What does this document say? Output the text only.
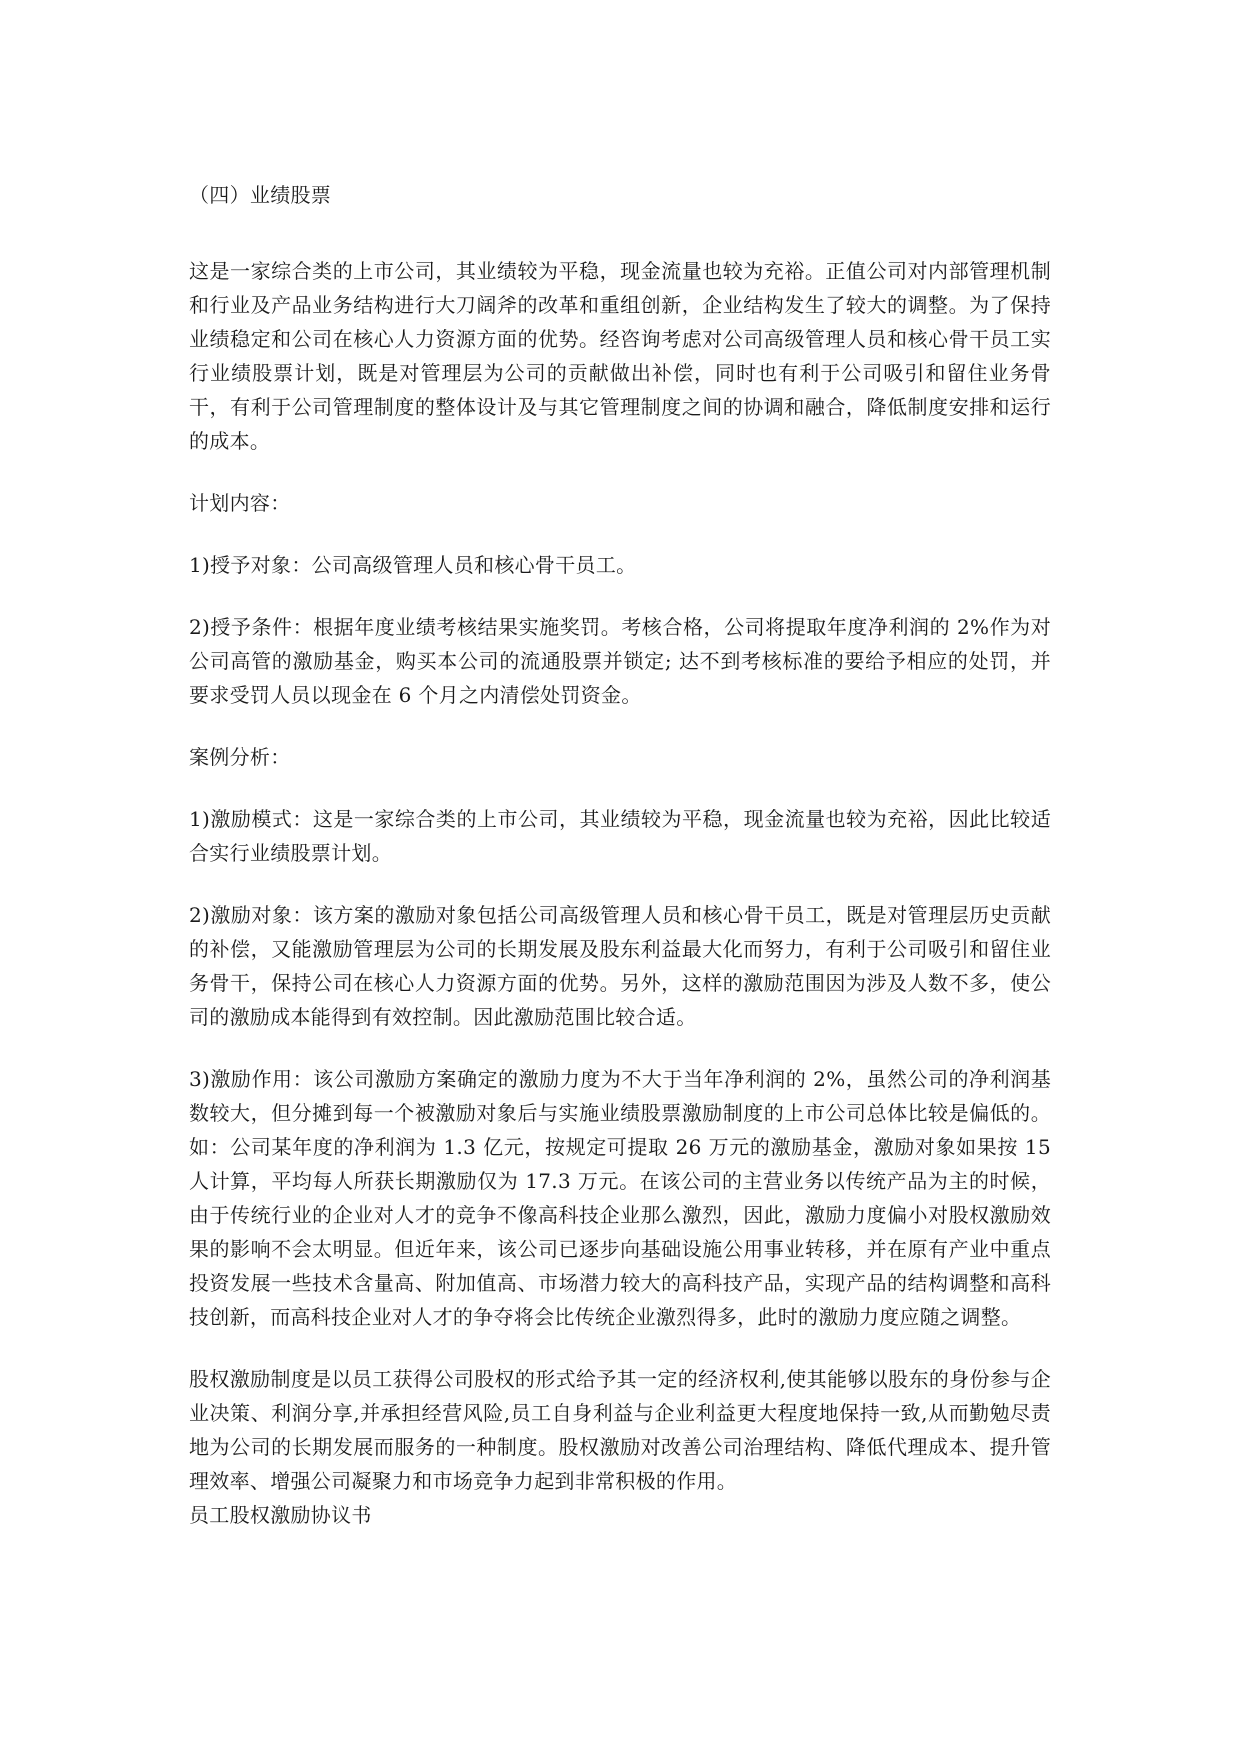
（四）业绩股票

这是一家综合类的上市公司，其业绩较为平稳，现金流量也较为充裕。正值公司对内部管理机制和行业及产品业务结构进行大刀阔斧的改革和重组创新，企业结构发生了较大的调整。为了保持业绩稳定和公司在核心人力资源方面的优势。经咨询考虑对公司高级管理人员和核心骨干员工实行业绩股票计划，既是对管理层为公司的贡献做出补偿，同时也有利于公司吸引和留住业务骨干，有利于公司管理制度的整体设计及与其它管理制度之间的协调和融合，降低制度安排和运行的成本。

计划内容：

1)授予对象：公司高级管理人员和核心骨干员工。

2)授予条件：根据年度业绩考核结果实施奖罚。考核合格，公司将提取年度净利润的 2%作为对公司高管的激励基金，购买本公司的流通股票并锁定; 达不到考核标准的要给予相应的处罚，并要求受罚人员以现金在 6 个月之内清偿处罚资金。

案例分析：

1)激励模式：这是一家综合类的上市公司，其业绩较为平稳，现金流量也较为充裕，因此比较适合实行业绩股票计划。

2)激励对象：该方案的激励对象包括公司高级管理人员和核心骨干员工，既是对管理层历史贡献的补偿，又能激励管理层为公司的长期发展及股东利益最大化而努力，有利于公司吸引和留住业务骨干，保持公司在核心人力资源方面的优势。另外，这样的激励范围因为涉及人数不多，使公司的激励成本能得到有效控制。因此激励范围比较合适。

3)激励作用：该公司激励方案确定的激励力度为不大于当年净利润的 2%，虽然公司的净利润基数较大，但分摊到每一个被激励对象后与实施业绩股票激励制度的上市公司总体比较是偏低的。如：公司某年度的净利润为 1.3 亿元，按规定可提取 26 万元的激励基金，激励对象如果按 15 人计算，平均每人所获长期激励仅为 17.3 万元。在该公司的主营业务以传统产品为主的时候，由于传统行业的企业对人才的竞争不像高科技企业那么激烈，因此，激励力度偏小对股权激励效果的影响不会太明显。但近年来，该公司已逐步向基础设施公用事业转移，并在原有产业中重点投资发展一些技术含量高、附加值高、市场潜力较大的高科技产品，实现产品的结构调整和高科技创新，而高科技企业对人才的争夺将会比传统企业激烈得多，此时的激励力度应随之调整。

股权激励制度是以员工获得公司股权的形式给予其一定的经济权利,使其能够以股东的身份参与企业决策、利润分享,并承担经营风险,员工自身利益与企业利益更大程度地保持一致,从而勤勉尽责地为公司的长期发展而服务的一种制度。股权激励对改善公司治理结构、降低代理成本、提升管理效率、增强公司凝聚力和市场竞争力起到非常积极的作用。

员工股权激励协议书
